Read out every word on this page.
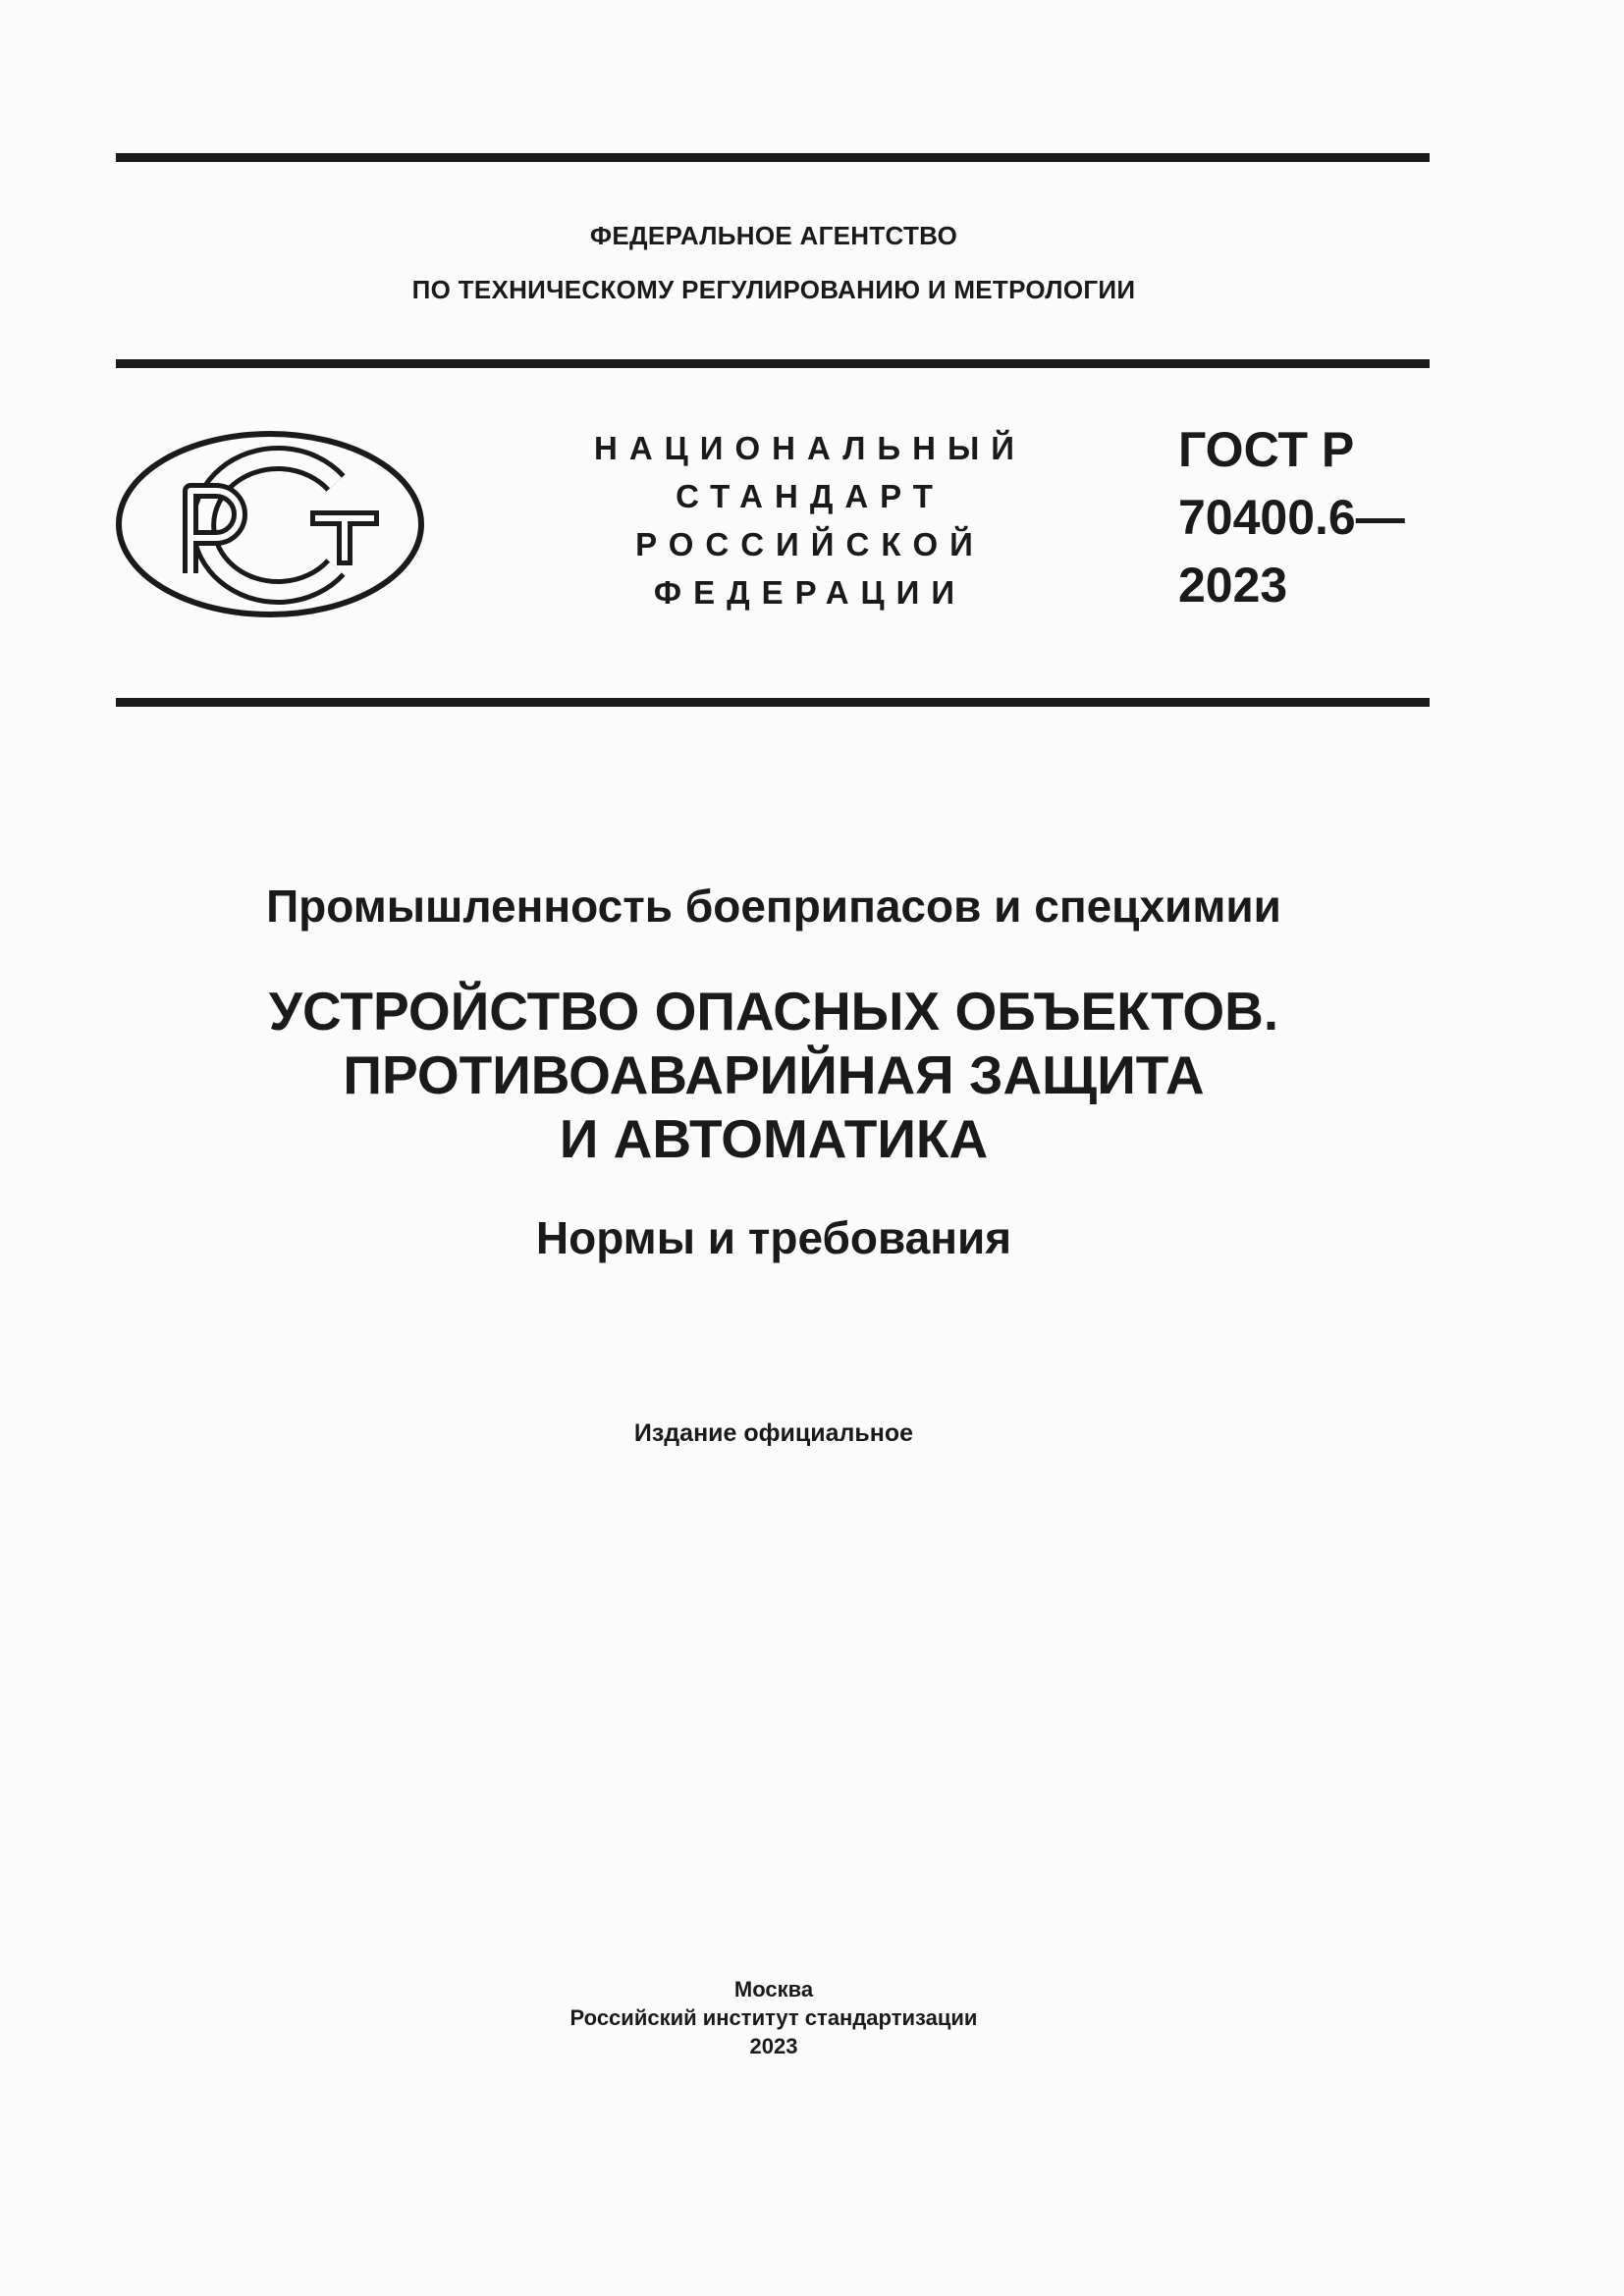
ФЕДЕРАЛЬНОЕ АГЕНТСТВО
ПО ТЕХНИЧЕСКОМУ РЕГУЛИРОВАНИЮ И МЕТРОЛОГИИ
НАЦИОНАЛЬНЫЙ
СТАНДАРТ
РОССИЙСКОЙ
ФЕДЕРАЦИИ
ГОСТ Р
70400.6—
2023
Промышленность боеприпасов и спецхимии
УСТРОЙСТВО ОПАСНЫХ ОБЪЕКТОВ.
ПРОТИВОАВАРИЙНАЯ ЗАЩИТА
И АВТОМАТИКА
Нормы и требования
Издание официальное
Москва
Российский институт стандартизации
2023
